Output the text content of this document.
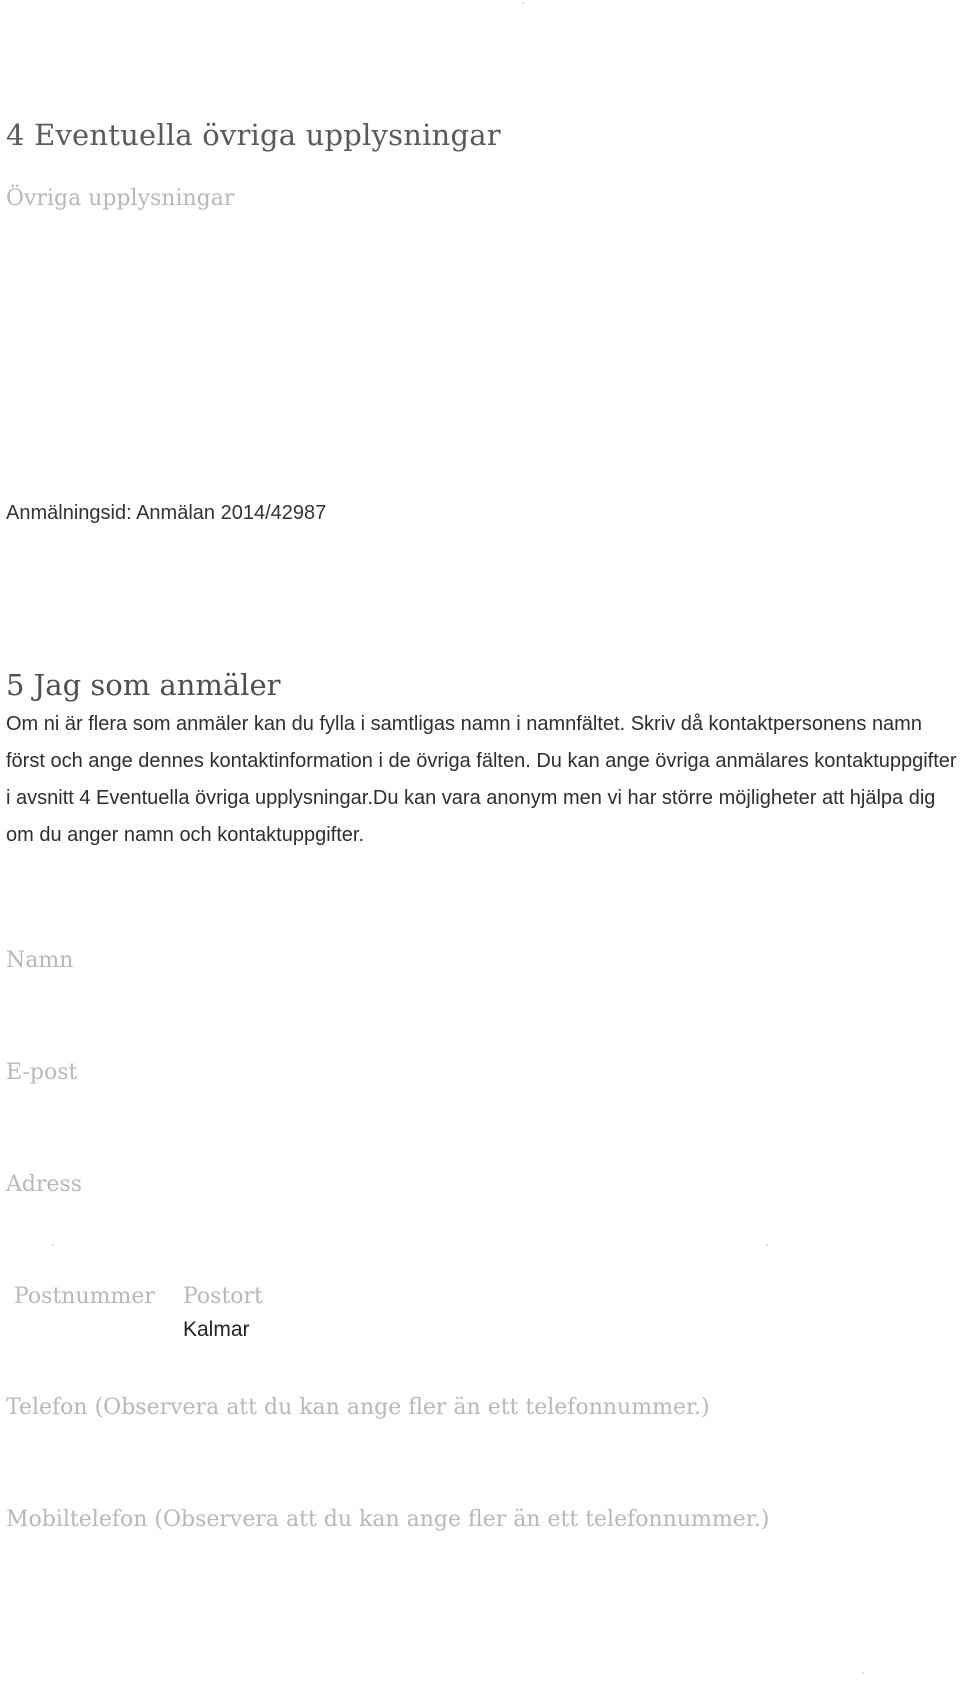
4 Eventuella övriga upplysningar
Övriga upplysningar
Anmälningsid: Anmälan 2014/42987
5 Jag som anmäler
Om ni är flera som anmäler kan du fylla i samtligas namn i namnfältet. Skriv då kontaktpersonens namn först och ange dennes kontaktinformation i de övriga fälten. Du kan ange övriga anmälares kontaktuppgifter i avsnitt 4 Eventuella övriga upplysningar.Du kan vara anonym men vi har större möjligheter att hjälpa dig om du anger namn och kontaktuppgifter.
Namn
E-post
Adress
Postnummer Postort
Kalmar
Telefon (Observera att du kan ange fler än ett telefonnummer.)
Mobiltelefon (Observera att du kan ange fler än ett telefonnummer.)
